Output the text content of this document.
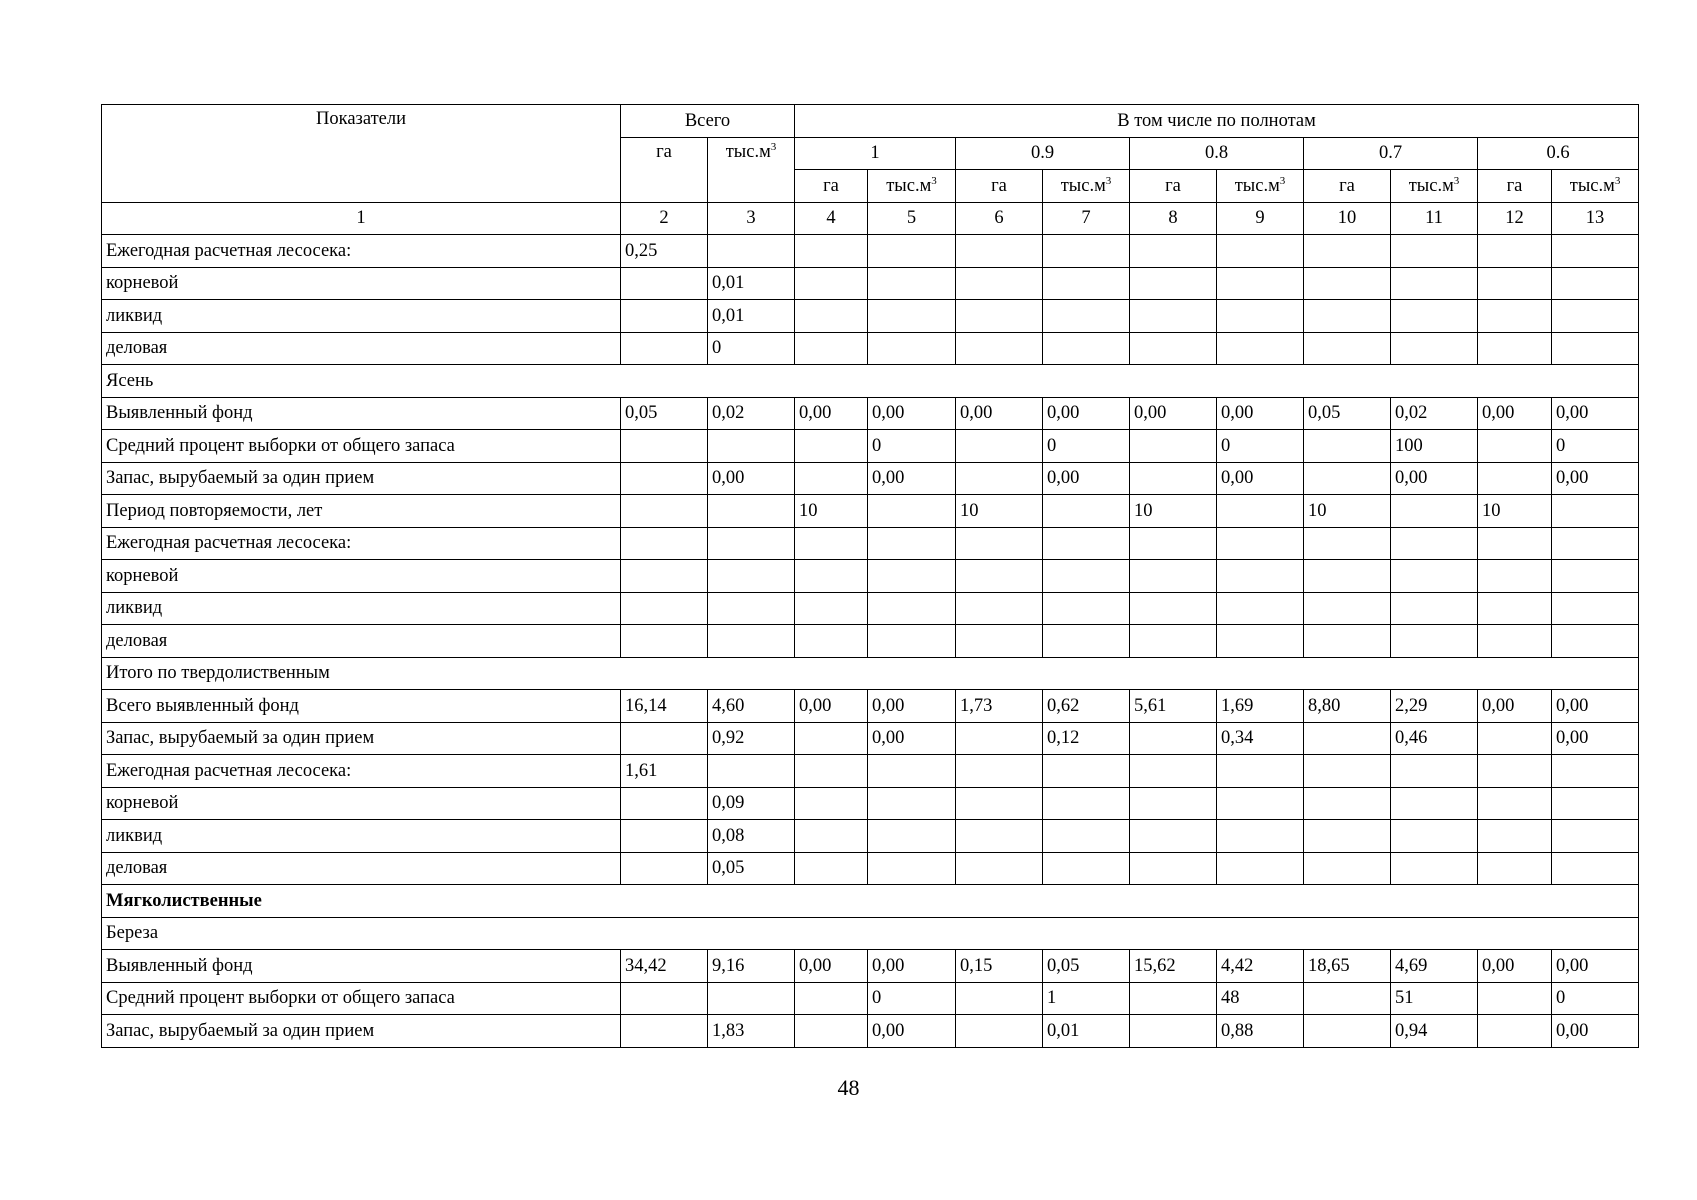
Показатели	Всего		В том числе по полнотам									
	га	$тыс.м^3$	1		0.9		0.8		0.7		0.6	
			га	$тыс.м^3$	га	$тыс.м^3$	га	$тыс.м^3$	га	$тыс.м^3$	га	$тыс.м^3$
1	2	3	4	5	6	7	8	9	10	11	12	13
Ежегодная расчетная лесосека:	0,25											
корневой		0,01										
ликвид		0,01										
деловая		0										
Ясень												
Выявленный фонд	0,05	0,02	0,00	0,00	0,00	0,00	0,00	0,00	0,05	0,02	0,00	0,00
Средний процент выборки от общего запаса				0		0		0		100		0
Запас, вырубаемый за один прием		0,00		0,00		0,00		0,00		0,00		0,00
Период повторяемости, лет			10		10		10		10		10	
Ежегодная расчетная лесосека:												
корневой												
ликвид												
деловая												
Итого по твердолиственным												
Всего выявленный фонд	16,14	4,60	0,00	0,00	1,73	0,62	5,61	1,69	8,80	2,29	0,00	0,00
Запас, вырубаемый за один прием		0,92		0,00		0,12		0,34		0,46		0,00
Ежегодная расчетная лесосека:	1,61											
корневой		0,09										
ликвид		0,08										
деловая		0,05										
Мягколиственные												
Береза												
Выявленный фонд	34,42	9,16	0,00	0,00	0,15	0,05	15,62	4,42	18,65	4,69	0,00	0,00
Средний процент выборки от общего запаса				0		1		48		51		0
Запас, вырубаемый за один прием		1,83		0,00		0,01		0,88		0,94		0,00
48
